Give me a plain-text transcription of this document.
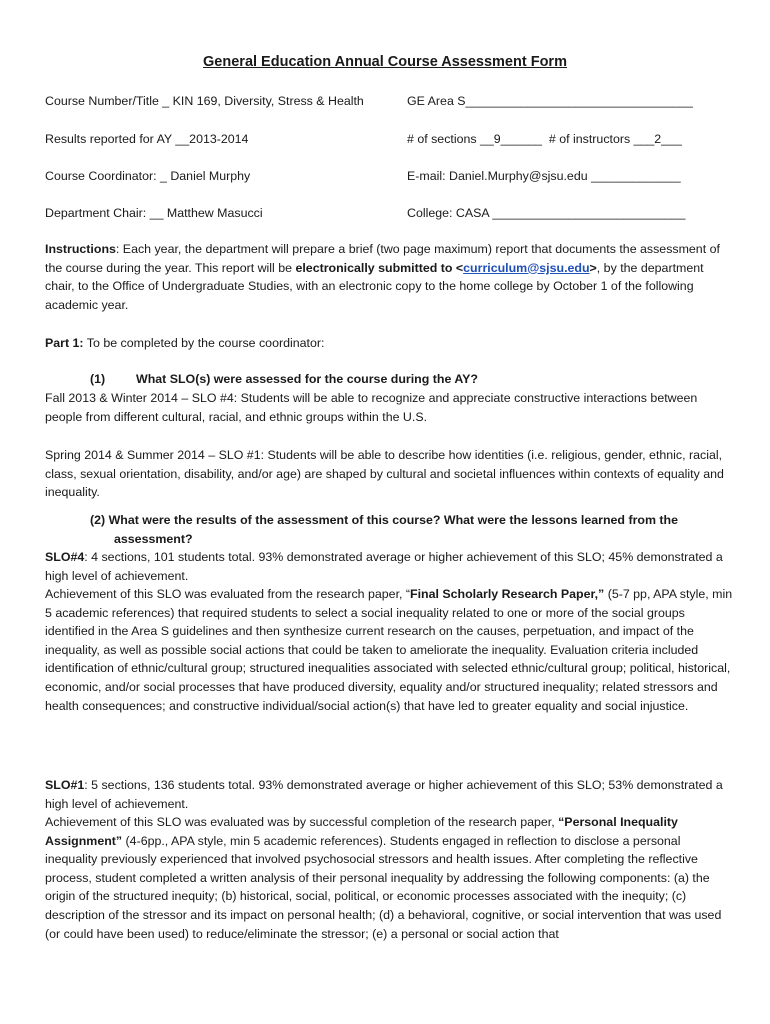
General Education Annual Course Assessment Form
Course Number/Title _ KIN 169, Diversity, Stress & Health	GE Area S_________________________________
Results reported for AY __2013-2014	# of sections __9______  # of instructors ___2___
Course Coordinator: _ Daniel Murphy	E-mail: Daniel.Murphy@sjsu.edu _____________
Department Chair: __ Matthew Masucci	College: CASA ____________________________
Instructions: Each year, the department will prepare a brief (two page maximum) report that documents the assessment of the course during the year. This report will be electronically submitted to <curriculum@sjsu.edu>, by the department chair, to the Office of Undergraduate Studies, with an electronic copy to the home college by October 1 of the following academic year.
Part 1: To be completed by the course coordinator:
(1) What SLO(s) were assessed for the course during the AY?
Fall 2013 & Winter 2014 – SLO #4: Students will be able to recognize and appreciate constructive interactions between people from different cultural, racial, and ethnic groups within the U.S.
Spring 2014 & Summer 2014 – SLO #1: Students will be able to describe how identities (i.e. religious, gender, ethnic, racial, class, sexual orientation, disability, and/or age) are shaped by cultural and societal influences within contexts of equality and inequality.
(2) What were the results of the assessment of this course? What were the lessons learned from the
assessment?
SLO#4: 4 sections, 101 students total. 93% demonstrated average or higher achievement of this SLO; 45% demonstrated a high level of achievement.
Achievement of this SLO was evaluated from the research paper, “Final Scholarly Research Paper,” (5-7 pp, APA style, min 5 academic references) that required students to select a social inequality related to one or more of the social groups identified in the Area S guidelines and then synthesize current research on the causes, perpetuation, and impact of the inequality, as well as possible social actions that could be taken to ameliorate the inequality. Evaluation criteria included identification of ethnic/cultural group; structured inequalities associated with selected ethnic/cultural group; political, historical, economic, and/or social processes that have produced diversity, equality and/or structured inequality; related stressors and health consequences; and constructive individual/social action(s) that have led to greater equality and social injustice.
SLO#1: 5 sections, 136 students total. 93% demonstrated average or higher achievement of this SLO; 53% demonstrated a high level of achievement.
Achievement of this SLO was evaluated was by successful completion of the research paper, “Personal Inequality Assignment” (4-6pp., APA style, min 5 academic references). Students engaged in reflection to disclose a personal inequality previously experienced that involved psychosocial stressors and health issues. After completing the reflective process, student completed a written analysis of their personal inequality by addressing the following components: (a) the origin of the structured inequity; (b) historical, social, political, or economic processes associated with the inequity; (c) description of the stressor and its impact on personal health; (d) a behavioral, cognitive, or social intervention that was used (or could have been used) to reduce/eliminate the stressor; (e) a personal or social action that
